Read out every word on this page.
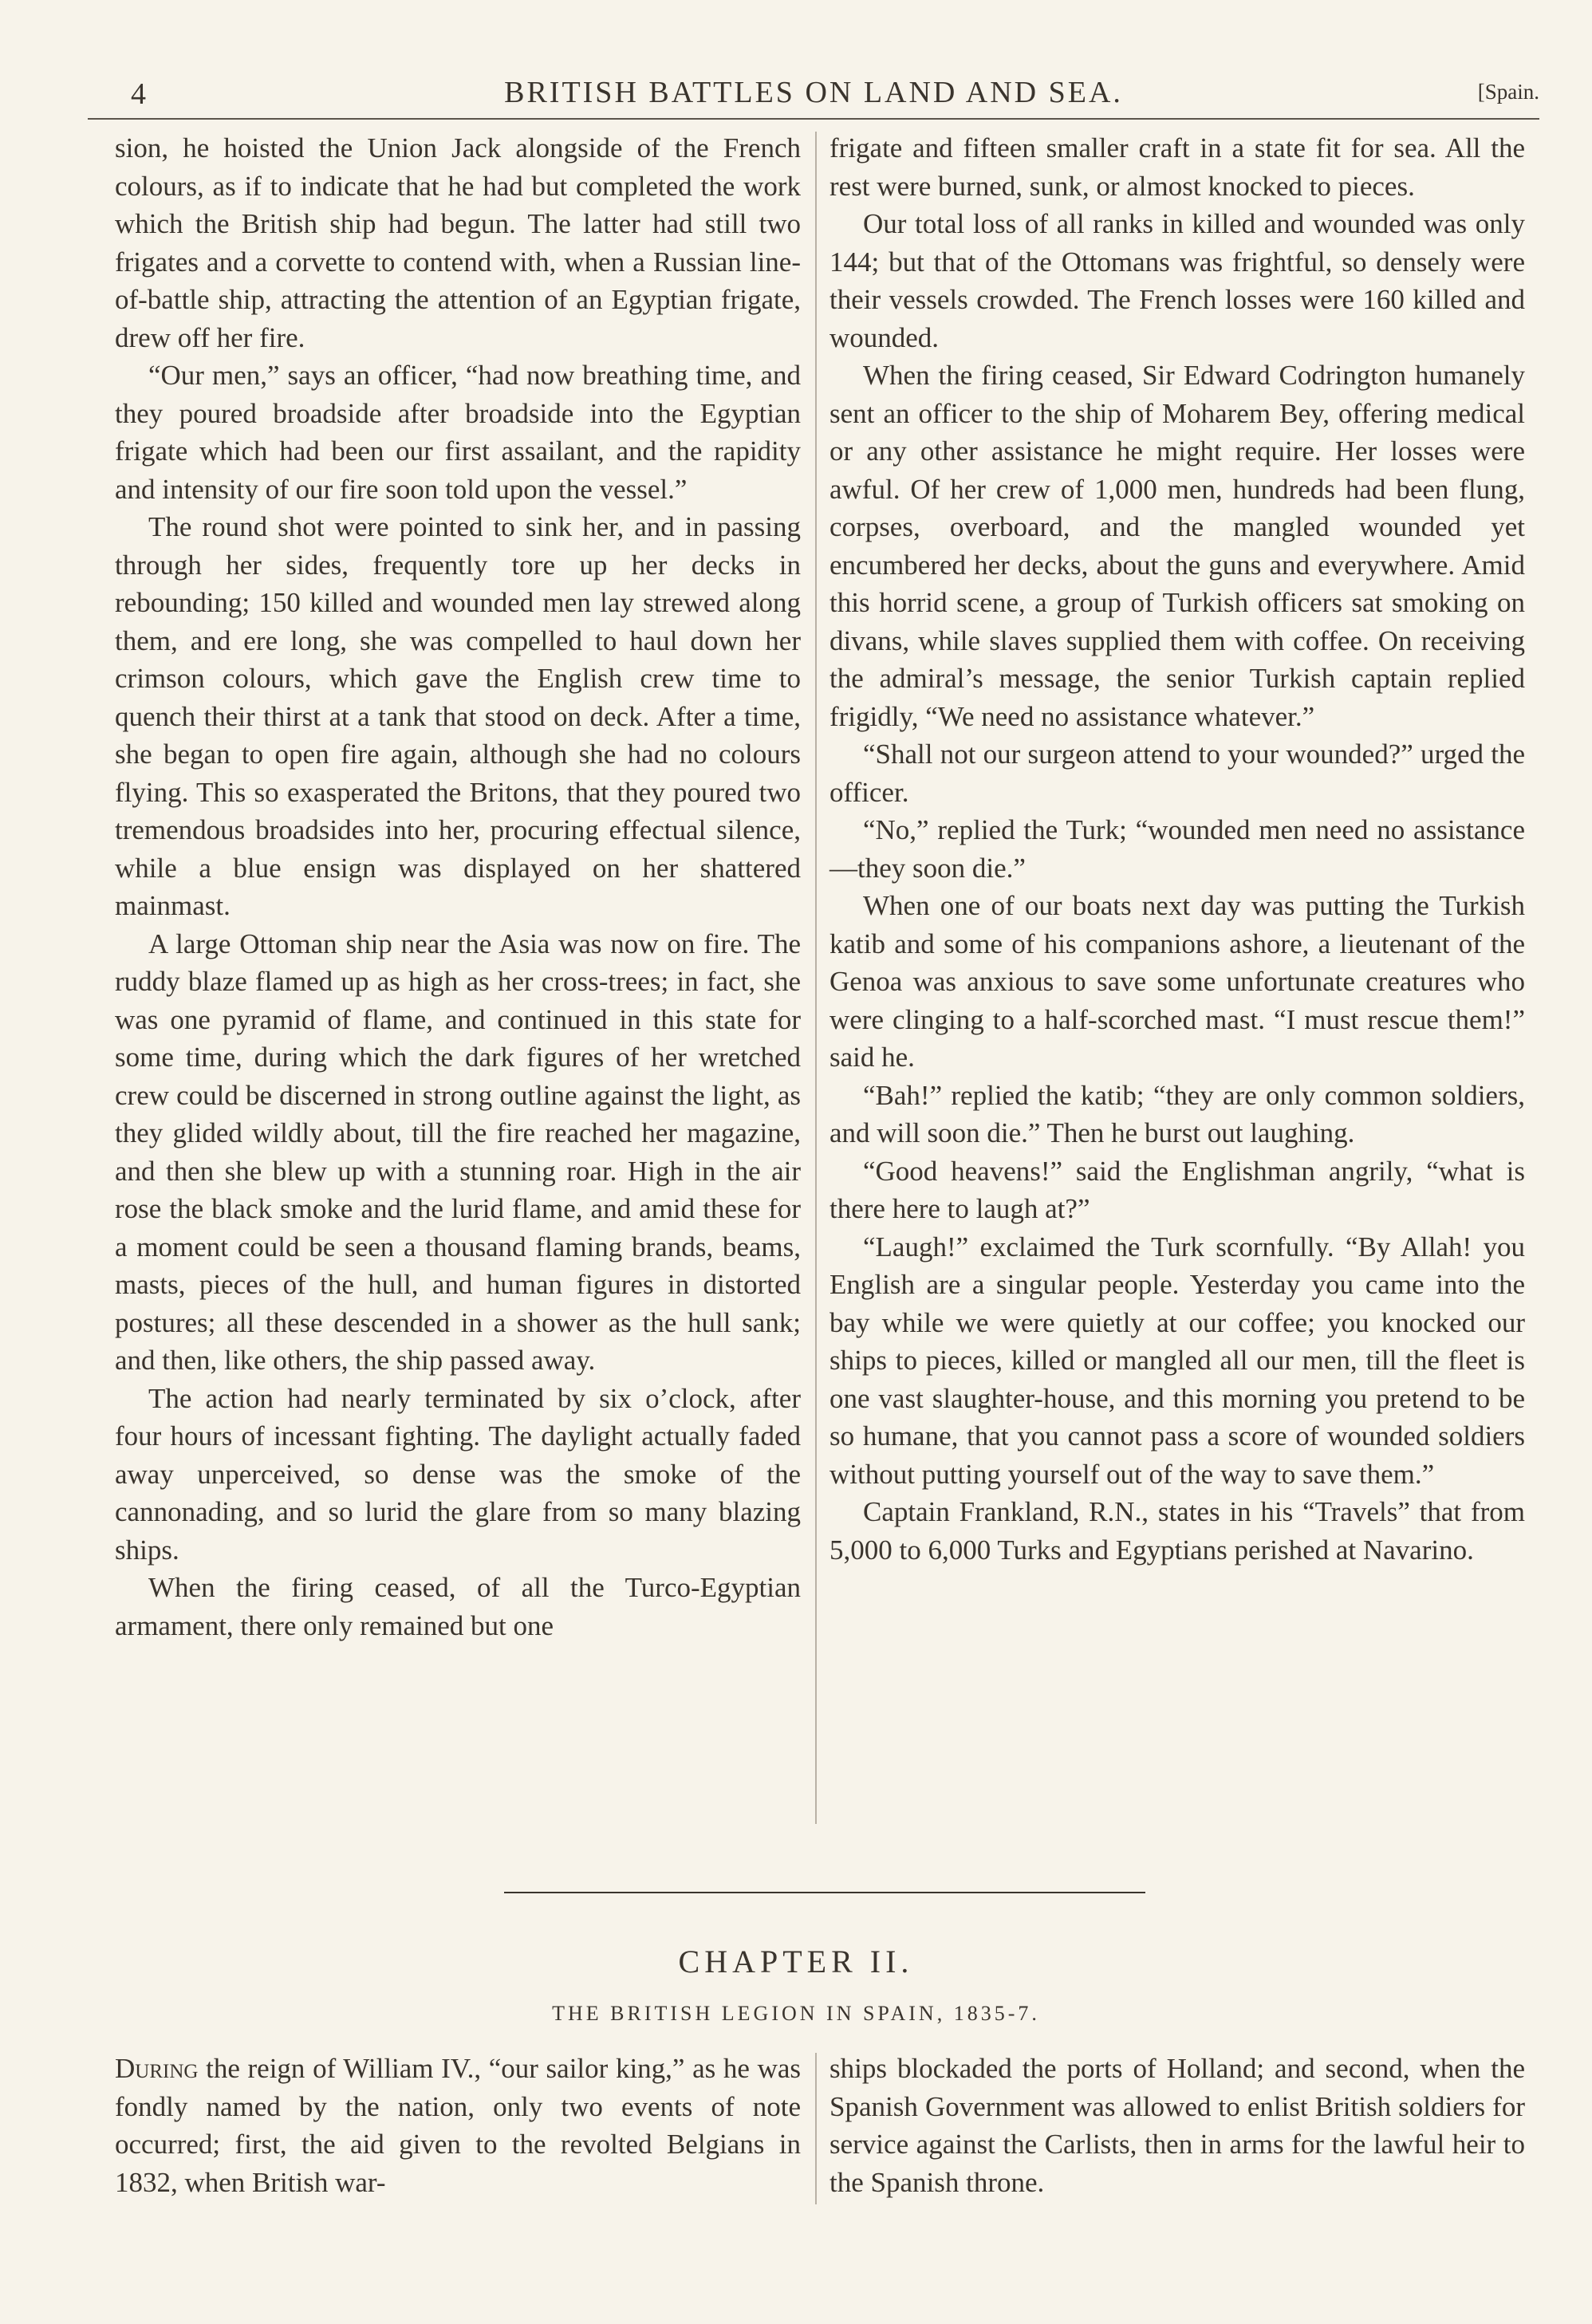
4	BRITISH BATTLES ON LAND AND SEA.	[Spain.

sion, he hoisted the Union Jack alongside of the French colours, as if to indicate that he had but completed the work which the British ship had begun. The latter had still two frigates and a corvette to contend with, when a Russian line-of-battle ship, attracting the attention of an Egyptian frigate, drew off her fire.

“Our men,” says an officer, “had now breathing time, and they poured broadside after broadside into the Egyptian frigate which had been our first assailant, and the rapidity and intensity of our fire soon told upon the vessel.”

The round shot were pointed to sink her, and in passing through her sides, frequently tore up her decks in rebounding; 150 killed and wounded men lay strewed along them, and ere long, she was compelled to haul down her crimson colours, which gave the English crew time to quench their thirst at a tank that stood on deck. After a time, she began to open fire again, although she had no colours flying. This so exasperated the Britons, that they poured two tremendous broadsides into her, procuring effectual silence, while a blue ensign was displayed on her shattered mainmast.

A large Ottoman ship near the Asia was now on fire. The ruddy blaze flamed up as high as her cross-trees; in fact, she was one pyramid of flame, and continued in this state for some time, during which the dark figures of her wretched crew could be discerned in strong outline against the light, as they glided wildly about, till the fire reached her magazine, and then she blew up with a stunning roar. High in the air rose the black smoke and the lurid flame, and amid these for a moment could be seen a thousand flaming brands, beams, masts, pieces of the hull, and human figures in distorted postures; all these descended in a shower as the hull sank; and then, like others, the ship passed away.

The action had nearly terminated by six o’clock, after four hours of incessant fighting. The daylight actually faded away unperceived, so dense was the smoke of the cannonading, and so lurid the glare from so many blazing ships.

When the firing ceased, of all the Turco-Egyptian armament, there only remained but one

frigate and fifteen smaller craft in a state fit for sea. All the rest were burned, sunk, or almost knocked to pieces.

Our total loss of all ranks in killed and wounded was only 144; but that of the Ottomans was frightful, so densely were their vessels crowded. The French losses were 160 killed and wounded.

When the firing ceased, Sir Edward Codrington humanely sent an officer to the ship of Moharem Bey, offering medical or any other assistance he might require. Her losses were awful. Of her crew of 1,000 men, hundreds had been flung, corpses, overboard, and the mangled wounded yet encumbered her decks, about the guns and everywhere. Amid this horrid scene, a group of Turkish officers sat smoking on divans, while slaves supplied them with coffee. On receiving the admiral’s message, the senior Turkish captain replied frigidly, “We need no assistance whatever.”

“Shall not our surgeon attend to your wounded?” urged the officer.

“No,” replied the Turk; “wounded men need no assistance—they soon die.”

When one of our boats next day was putting the Turkish katib and some of his companions ashore, a lieutenant of the Genoa was anxious to save some unfortunate creatures who were clinging to a half-scorched mast. “I must rescue them!” said he.

“Bah!” replied the katib; “they are only common soldiers, and will soon die.” Then he burst out laughing.

“Good heavens!” said the Englishman angrily, “what is there here to laugh at?”

“Laugh!” exclaimed the Turk scornfully. “By Allah! you English are a singular people. Yesterday you came into the bay while we were quietly at our coffee; you knocked our ships to pieces, killed or mangled all our men, till the fleet is one vast slaughter-house, and this morning you pretend to be so humane, that you cannot pass a score of wounded soldiers without putting yourself out of the way to save them.”

Captain Frankland, R.N., states in his “Travels” that from 5,000 to 6,000 Turks and Egyptians perished at Navarino.

CHAPTER II.
THE BRITISH LEGION IN SPAIN, 1835-7.

During the reign of William IV., “our sailor king,” as he was fondly named by the nation, only two events of note occurred; first, the aid given to the revolted Belgians in 1832, when British war-

ships blockaded the ports of Holland; and second, when the Spanish Government was allowed to enlist British soldiers for service against the Carlists, then in arms for the lawful heir to the Spanish throne.
